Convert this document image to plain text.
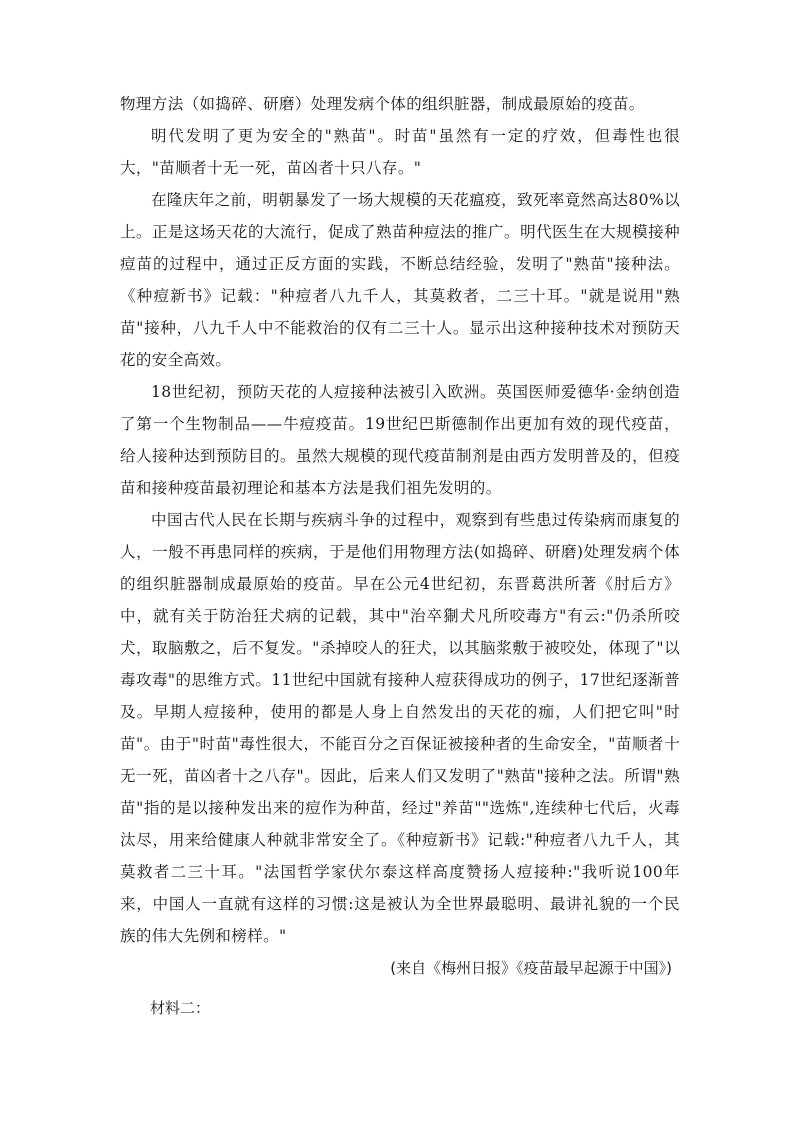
物理方法（如捣碎、研磨）处理发病个体的组织脏器，制成最原始的疫苗。

明代发明了更为安全的"熟苗"。时苗"虽然有一定的疗效，但毒性也很大，"苗顺者十无一死，苗凶者十只八存。"

在隆庆年之前，明朝暴发了一场大规模的天花瘟疫，致死率竟然高达80%以上。正是这场天花的大流行，促成了熟苗种痘法的推广。明代医生在大规模接种痘苗的过程中，通过正反方面的实践，不断总结经验，发明了"熟苗"接种法。《种痘新书》记载："种痘者八九千人，其莫救者，二三十耳。"就是说用"熟苗"接种，八九千人中不能救治的仅有二三十人。显示出这种接种技术对预防天花的安全高效。

18世纪初，预防天花的人痘接种法被引入欧洲。英国医师爱德华·金纳创造了第一个生物制品——牛痘疫苗。19世纪巴斯德制作出更加有效的现代疫苗，给人接种达到预防目的。虽然大规模的现代疫苗制剂是由西方发明普及的，但疫苗和接种疫苗最初理论和基本方法是我们祖先发明的。

中国古代人民在长期与疾病斗争的过程中，观察到有些患过传染病而康复的人，一般不再患同样的疾病，于是他们用物理方法(如捣碎、研磨)处理发病个体的组织脏器制成最原始的疫苗。早在公元4世纪初，东晋葛洪所著《肘后方》中，就有关于防治狂犬病的记载，其中"治卒猘犬凡所咬毒方"有云:"仍杀所咬犬，取脑敷之，后不复发。"杀掉咬人的狂犬，以其脑浆敷于被咬处，体现了"以毒攻毒"的思维方式。11世纪中国就有接种人痘获得成功的例子，17世纪逐渐普及。早期人痘接种，使用的都是人身上自然发出的天花的痂，人们把它叫"时苗"。由于"时苗"毒性很大，不能百分之百保证被接种者的生命安全，"苗顺者十无一死，苗凶者十之八存"。因此，后来人们又发明了"熟苗"接种之法。所谓"熟苗"指的是以接种发出来的痘作为种苗，经过"养苗""选炼",连续种七代后，火毒汰尽，用来给健康人种就非常安全了。《种痘新书》记载:"种痘者八九千人，其莫救者二三十耳。"法国哲学家伏尔泰这样高度赞扬人痘接种:"我听说100年来，中国人一直就有这样的习惯:这是被认为全世界最聪明、最讲礼貌的一个民族的伟大先例和榜样。"

(来自《梅州日报》《疫苗最早起源于中国》)

材料二：
